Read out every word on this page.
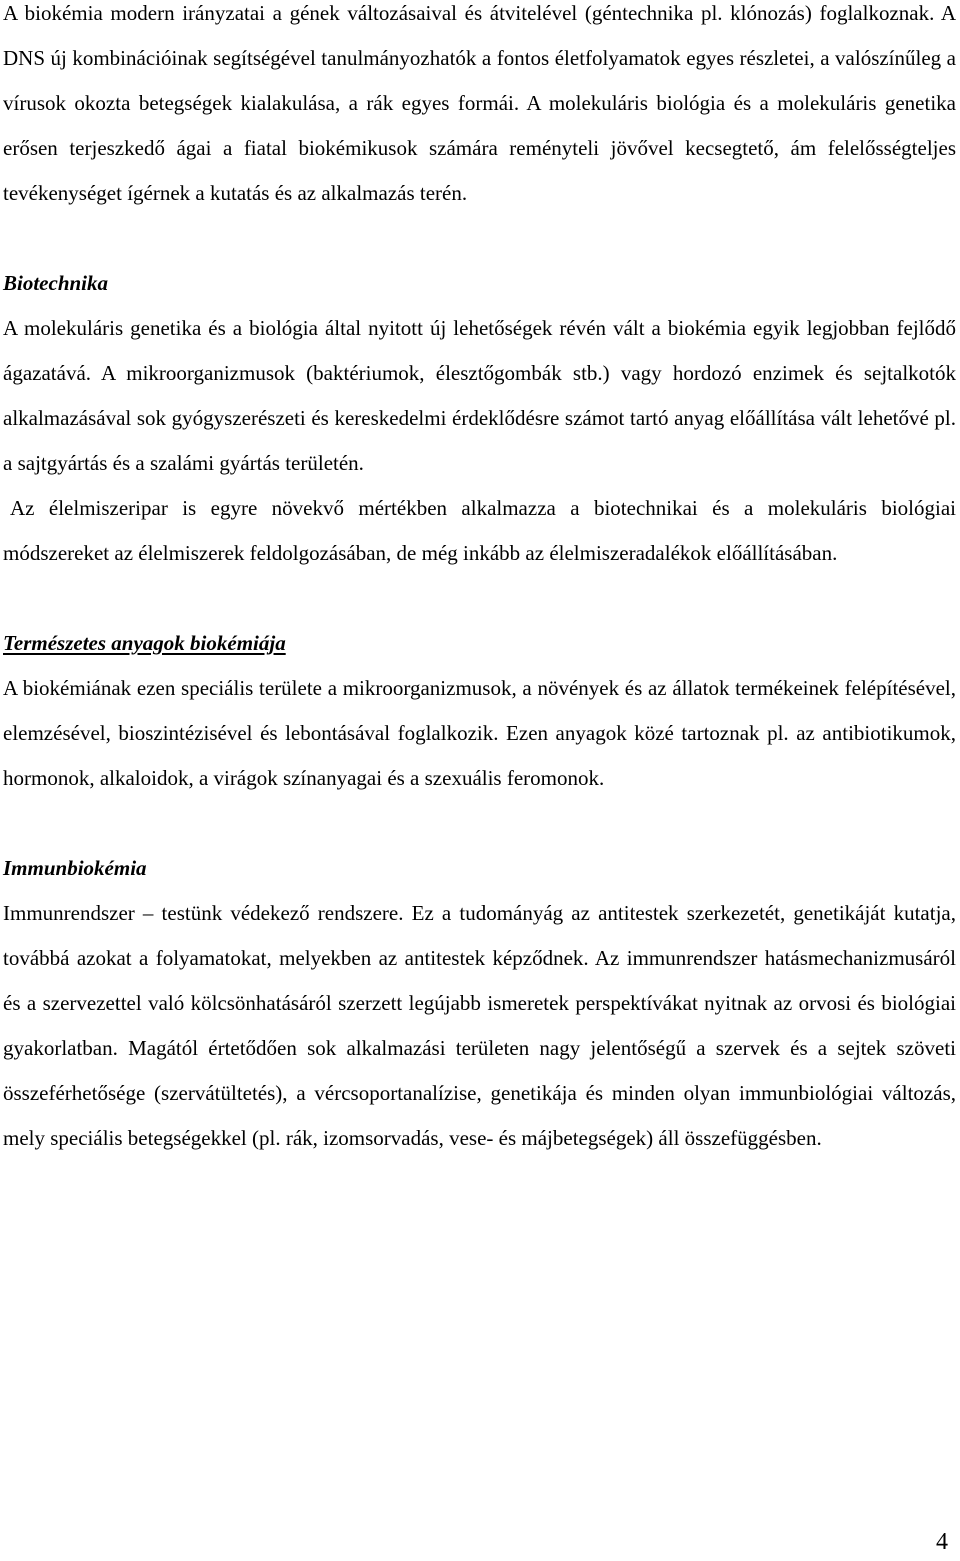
A biokémia modern irányzatai a gének változásaival és átvitelével (géntechnika pl. klónozás) foglalkoznak. A DNS új kombinációinak segítségével tanulmányozhatók a fontos életfolyamatok egyes részletei, a valószínűleg a vírusok okozta betegségek kialakulása, a rák egyes formái. A molekuláris biológia és a molekuláris genetika erősen terjeszkedő ágai a fiatal biokémikusok számára reményteli jövővel kecsegtető, ám felelősségteljes tevékenységet ígérnek a kutatás és az alkalmazás terén.

Biotechnika

A molekuláris genetika és a biológia által nyitott új lehetőségek révén vált a biokémia egyik legjobban fejlődő ágazatává. A mikroorganizmusok (baktériumok, élesztőgombák stb.) vagy hordozó enzimek és sejtalkotók alkalmazásával sok gyógyszerészeti és kereskedelmi érdeklődésre számot tartó anyag előállítása vált lehetővé pl. a sajtgyártás és a szalámi gyártás területén.

Az élelmiszeripar is egyre növekvő mértékben alkalmazza a biotechnikai és a molekuláris biológiai módszereket az élelmiszerek feldolgozásában, de még inkább az élelmiszeradalékok előállításában.

Természetes anyagok biokémiája

A biokémiának ezen speciális területe a mikroorganizmusok, a növények és az állatok termékeinek felépítésével, elemzésével, bioszintézisével és lebontásával foglalkozik. Ezen anyagok közé tartoznak pl. az antibiotikumok, hormonok, alkaloidok, a virágok színanyagai és a szexuális feromonok.

Immunbiokémia

Immunrendszer – testünk védekező rendszere. Ez a tudományág az antitestek szerkezetét, genetikáját kutatja, továbbá azokat a folyamatokat, melyekben az antitestek képződnek. Az immunrendszer hatásmechanizmusáról és a szervezettel való kölcsönhatásáról szerzett legújabb ismeretek perspektívákat nyitnak az orvosi és biológiai gyakorlatban. Magától értetődően sok alkalmazási területen nagy jelentőségű a szervek és a sejtek szöveti összeférhetősége (szervátültetés), a vércsoportanalízise, genetikája és minden olyan immunbiológiai változás, mely speciális betegségekkel (pl. rák, izomsorvadás, vese- és májbetegségek) áll összefüggésben.

4
